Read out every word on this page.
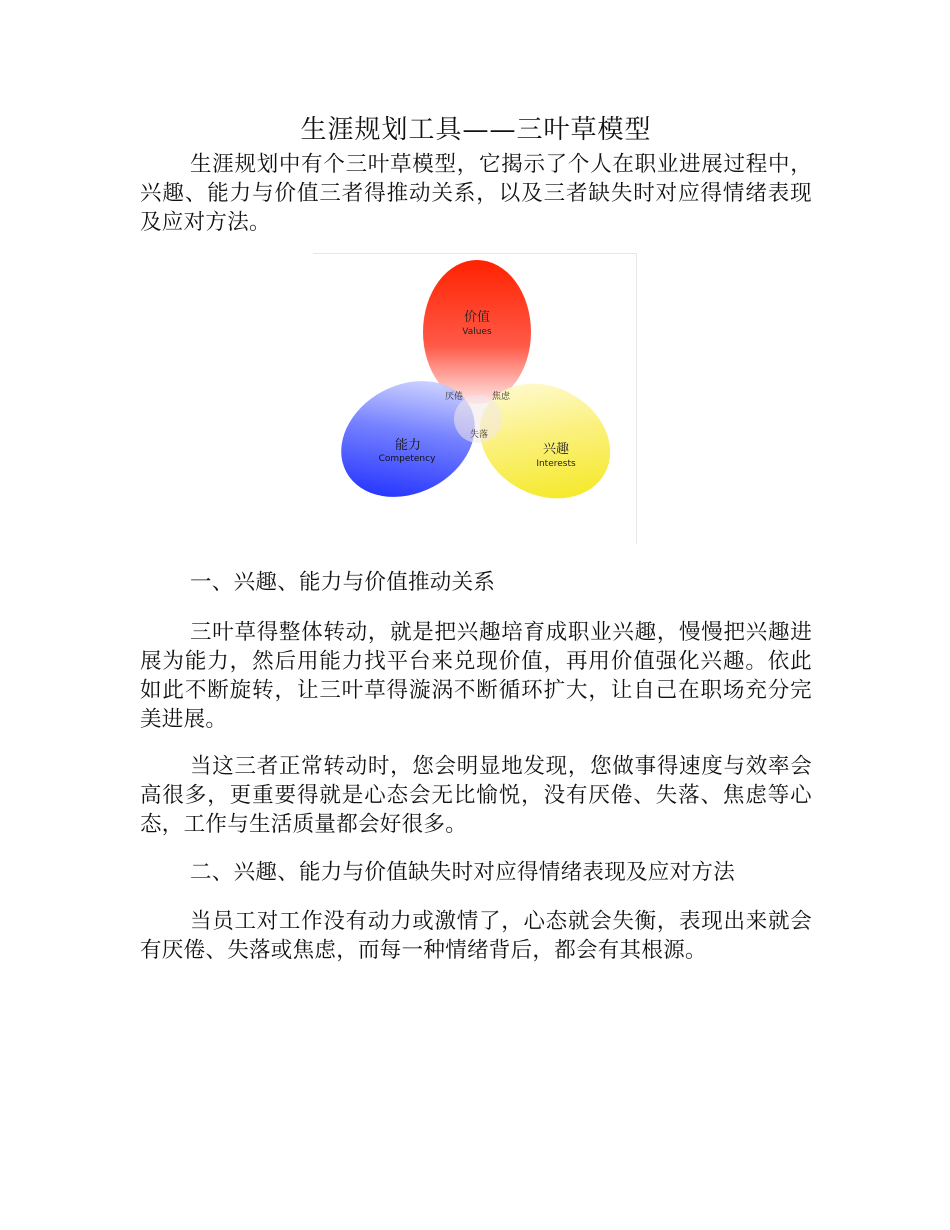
生涯规划工具——三叶草模型

生涯规划中有个三叶草模型，它揭示了个人在职业进展过程中，兴趣、能力与价值三者得推动关系，以及三者缺失时对应得情绪表现及应对方法。

一、兴趣、能力与价值推动关系

三叶草得整体转动，就是把兴趣培育成职业兴趣，慢慢把兴趣进展为能力，然后用能力找平台来兑现价值，再用价值强化兴趣。依此如此不断旋转，让三叶草得漩涡不断循环扩大，让自己在职场充分完美进展。

当这三者正常转动时，您会明显地发现，您做事得速度与效率会高很多，更重要得就是心态会无比愉悦，没有厌倦、失落、焦虑等心态，工作与生活质量都会好很多。

二、兴趣、能力与价值缺失时对应得情绪表现及应对方法

当员工对工作没有动力或激情了，心态就会失衡，表现出来就会有厌倦、失落或焦虑，而每一种情绪背后，都会有其根源。

价值
Values
能力
Competency
兴趣
Interests
厌倦	焦虑
失落
